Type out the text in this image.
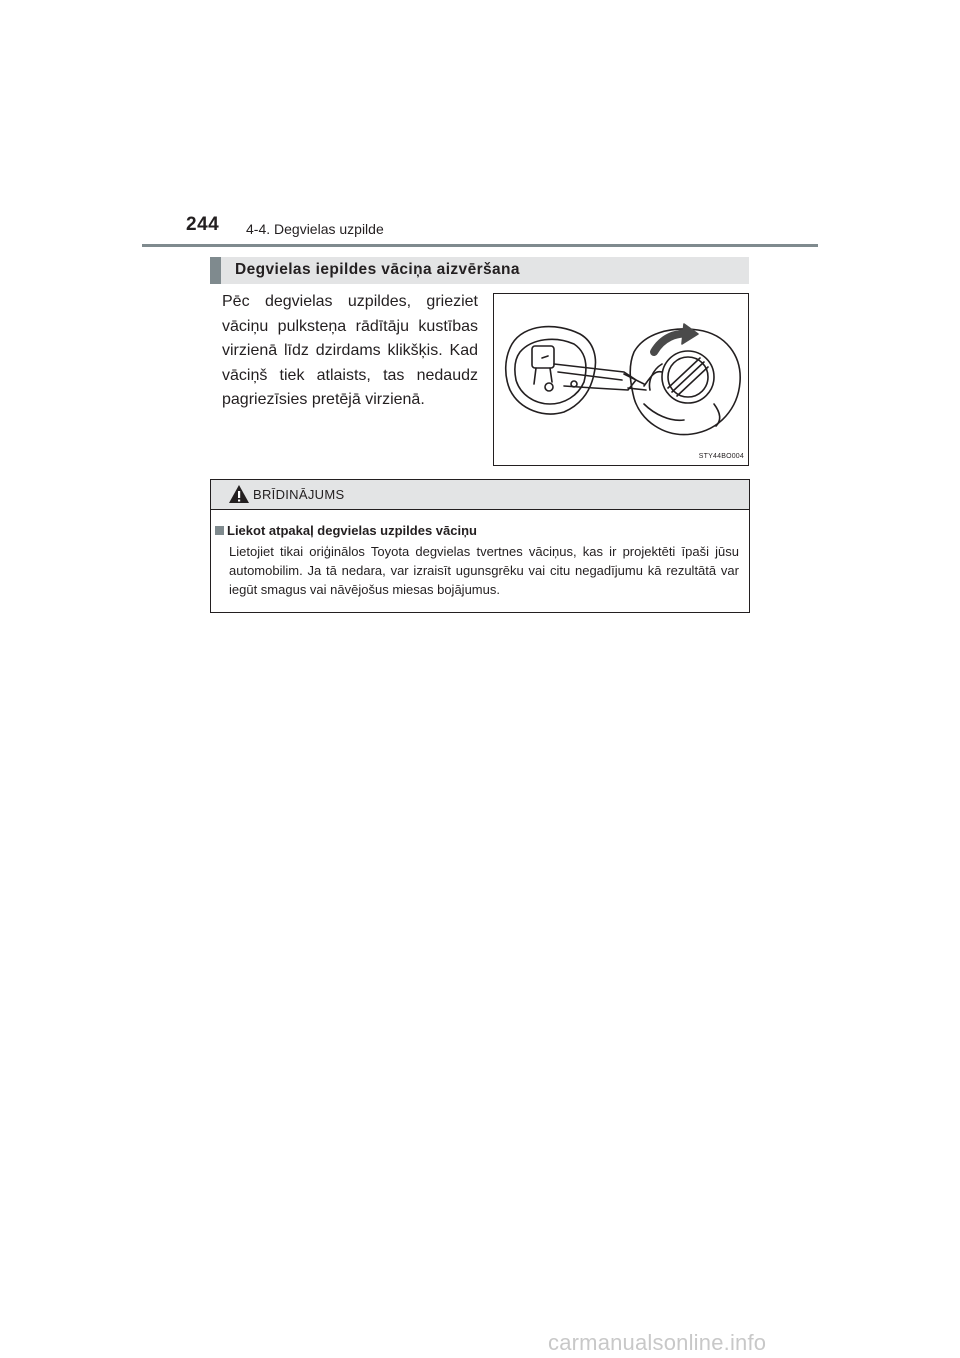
244 4-4. Degvielas uzpilde
Degvielas iepildes vāciņa aizvēršana
Pēc degvielas uzpildes, grieziet vāciņu pulksteņa rādītāju kustības virzienā līdz dzirdams klikšķis. Kad vāciņš tiek atlaists, tas nedaudz pagriezīsies pretējā virzienā.
STY44BO004
BRĪDINĀJUMS
Liekot atpakaļ degvielas uzpildes vāciņu
Lietojiet tikai oriģinālos Toyota degvielas tvertnes vāciņus, kas ir projektēti īpaši jūsu automobilim. Ja tā nedara, var izraisīt ugunsgrēku vai citu negadījumu kā rezultātā var iegūt smagus vai nāvējošus miesas bojājumus.
carmanualsonline.info
